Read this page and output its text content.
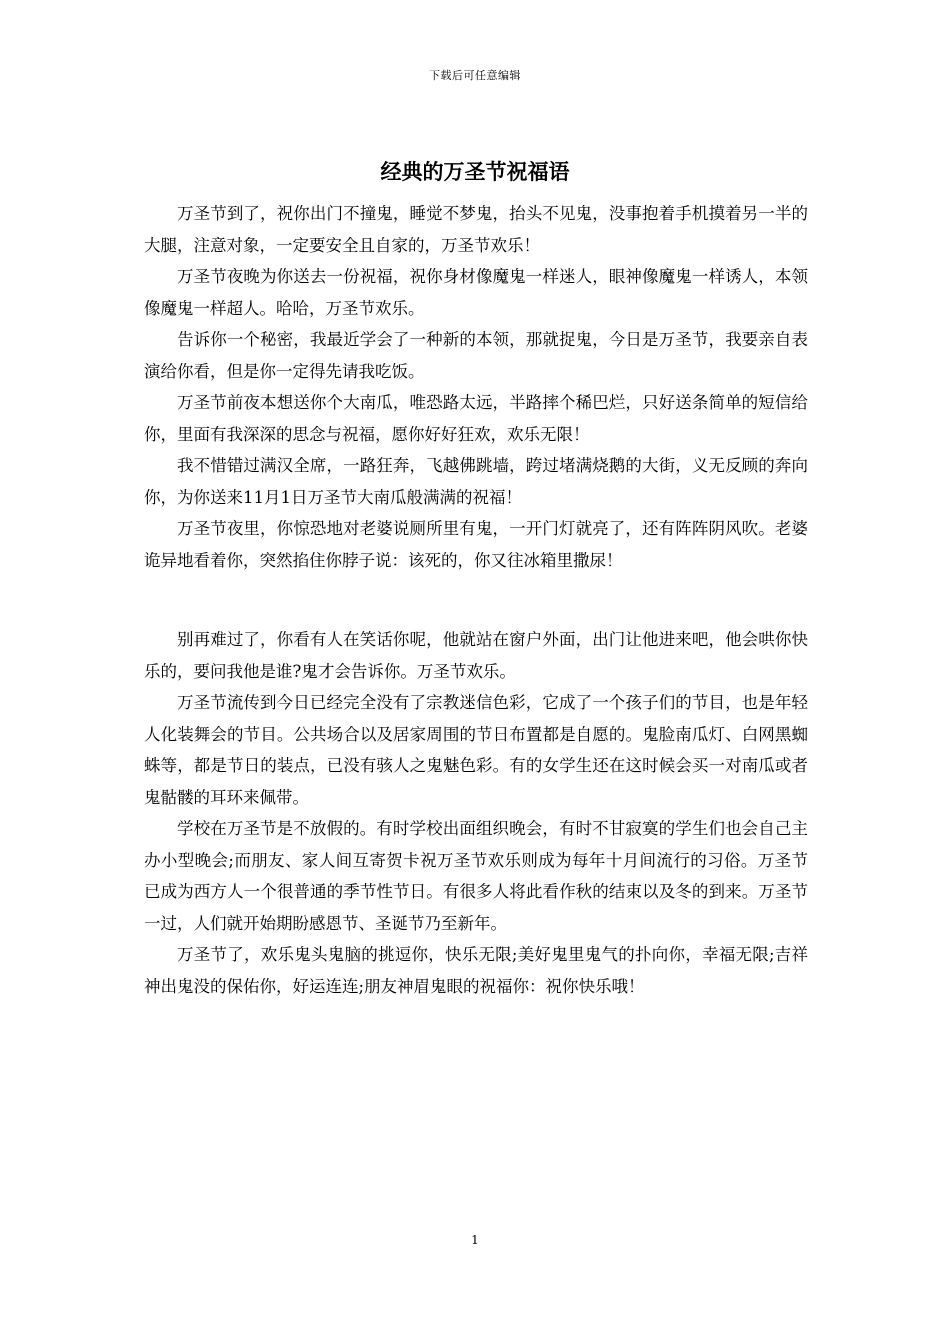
下载后可任意编辑
经典的万圣节祝福语

万圣节到了，祝你出门不撞鬼，睡觉不梦鬼，抬头不见鬼，没事抱着手机摸着另一半的大腿，注意对象，一定要安全且自家的，万圣节欢乐！

万圣节夜晚为你送去一份祝福，祝你身材像魔鬼一样迷人，眼神像魔鬼一样诱人，本领像魔鬼一样超人。哈哈，万圣节欢乐。

告诉你一个秘密，我最近学会了一种新的本领，那就捉鬼，今日是万圣节，我要亲自表演给你看，但是你一定得先请我吃饭。

万圣节前夜本想送你个大南瓜，唯恐路太远，半路摔个稀巴烂，只好送条简单的短信给你，里面有我深深的思念与祝福，愿你好好狂欢，欢乐无限！

我不惜错过满汉全席，一路狂奔，飞越佛跳墙，跨过堵满烧鹅的大街，义无反顾的奔向你，为你送来11月1日万圣节大南瓜般满满的祝福！

万圣节夜里，你惊恐地对老婆说厕所里有鬼，一开门灯就亮了，还有阵阵阴风吹。老婆诡异地看着你，突然掐住你脖子说：该死的，你又往冰箱里撒尿！

别再难过了，你看有人在笑话你呢，他就站在窗户外面，出门让他进来吧，他会哄你快乐的，要问我他是谁?鬼才会告诉你。万圣节欢乐。

万圣节流传到今日已经完全没有了宗教迷信色彩，它成了一个孩子们的节目，也是年轻人化装舞会的节目。公共场合以及居家周围的节日布置都是自愿的。鬼脸南瓜灯、白网黑蜘蛛等，都是节日的装点，已没有骇人之鬼魅色彩。有的女学生还在这时候会买一对南瓜或者鬼骷髅的耳环来佩带。

学校在万圣节是不放假的。有时学校出面组织晚会，有时不甘寂寞的学生们也会自己主办小型晚会;而朋友、家人间互寄贺卡祝万圣节欢乐则成为每年十月间流行的习俗。万圣节已成为西方人一个很普通的季节性节日。有很多人将此看作秋的结束以及冬的到来。万圣节一过，人们就开始期盼感恩节、圣诞节乃至新年。

万圣节了，欢乐鬼头鬼脑的挑逗你，快乐无限;美好鬼里鬼气的扑向你，幸福无限;吉祥神出鬼没的保佑你，好运连连;朋友神眉鬼眼的祝福你：祝你快乐哦！

1
